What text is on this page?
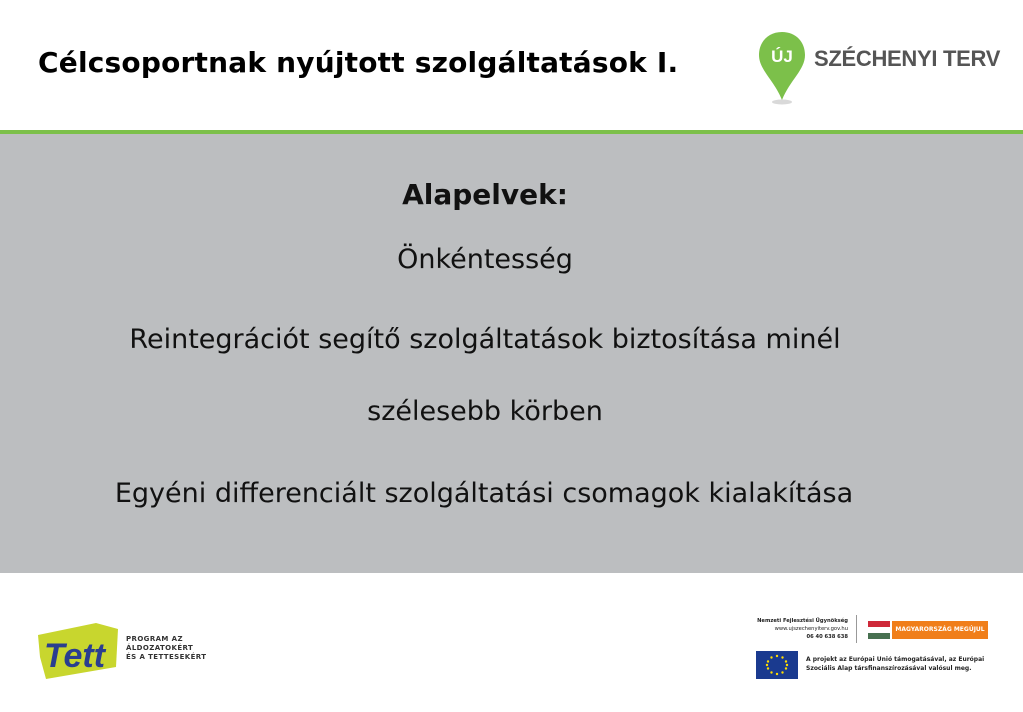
Célcsoportnak nyújtott szolgáltatások I.	ÚJ SZÉCHENYI TERV
Alapelvek:
Önkéntesség
Reintegrációt segítő szolgáltatások biztosítása minél
szélesebb körben
Egyéni differenciált szolgáltatási csomagok kialakítása
Tett	PROGRAM AZ
ÁLDOZATOKÉRT
ÉS A TETTESEKÉRT
Nemzeti Fejlesztési Ügynökség
www.ujszechenyiterv.gov.hu
06 40 638 638
MAGYARORSZÁG MEGÚJUL
A projekt az Európai Unió támogatásával, az Európai
Szociális Alap társfinanszírozásával valósul meg.
